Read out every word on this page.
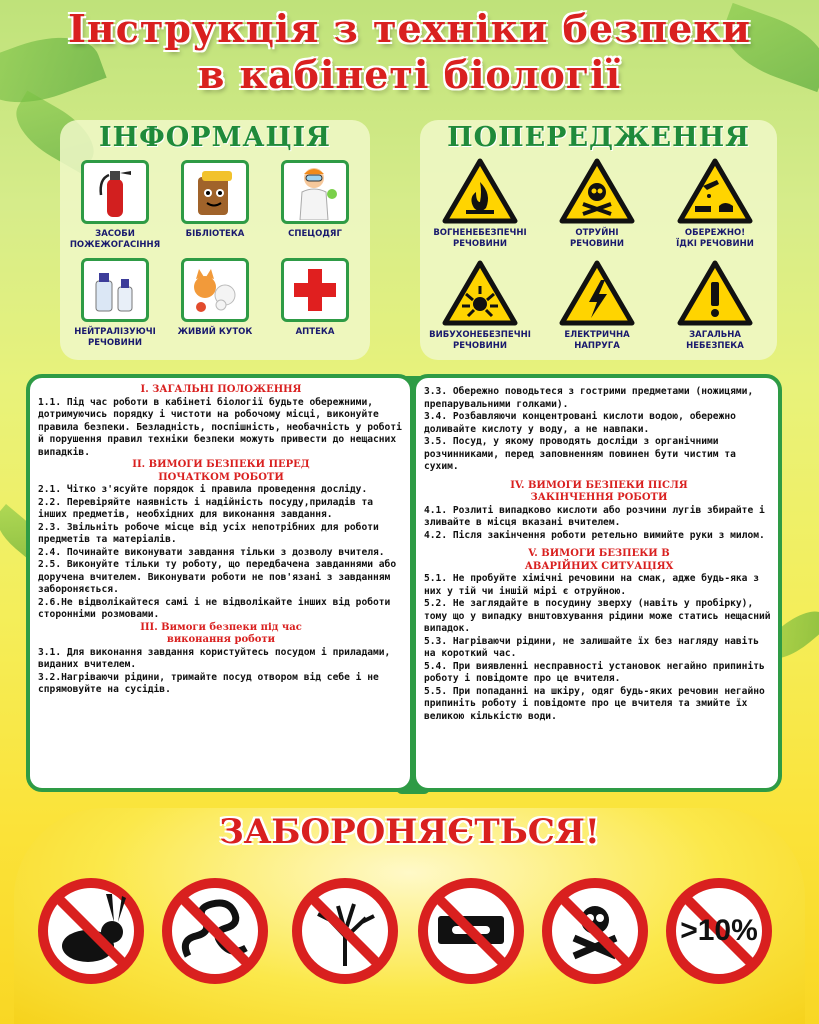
Інструкція з техніки безпеки
в кабінеті біології
ІНФОРМАЦІЯ
ЗАСОБИ
ПОЖЕЖОГАСІННЯ
БІБЛІОТЕКА	СПЕЦОДЯГ
НЕЙТРАЛІЗУЮЧІ
РЕЧОВИНИ
ЖИВИЙ КУТОК	АПТЕКА
ПОПЕРЕДЖЕННЯ
ВОГНЕНЕБЕЗПЕЧНІ
РЕЧОВИНИ
ОТРУЙНІ
РЕЧОВИНИ
ОБЕРЕЖНО!
ЇДКІ РЕЧОВИНИ
ВИБУХОНЕБЕЗПЕЧНІ
РЕЧОВИНИ
ЕЛЕКТРИЧНА
НАПРУГА
ЗАГАЛЬНА
НЕБЕЗПЕКА
І. ЗАГАЛЬНІ ПОЛОЖЕННЯ

1.1. Під час роботи в кабінеті біології будьте обережними, дотримуючись порядку і чистоти на робочому місці, виконуйте правила безпеки. Безладність, поспішність, необачність у роботі й порушення правил техніки безпеки можуть привести до нещасних випадків.

ІІ. ВИМОГИ БЕЗПЕКИ ПЕРЕД
ПОЧАТКОМ РОБОТИ

2.1. Чітко з'ясуйте порядок і правила проведення досліду.

2.2. Перевіряйте наявність і надійність посуду,приладів та інших предметів, необхідних для виконання завдання.

2.3. Звільніть робоче місце від усіх непотрібних для роботи предметів та матеріалів.

2.4. Починайте виконувати завдання тільки з дозволу вчителя.

2.5. Виконуйте тільки ту роботу, що передбачена завданнями або доручена вчителем. Виконувати роботи не пов'язані з завданням забороняється.

2.6.Не відволікайтеся самі і не відволікайте інших від роботи сторонніми розмовами.

ІІІ. Вимоги безпеки під час
виконання роботи

3.1. Для виконання завдання користуйтесь посудом і приладами, виданих вчителем.

3.2.Нагріваючи рідини, тримайте посуд отвором від себе і не спрямовуйте на сусідів.

3.3. Обережно поводьтеся з гострими предметами (ножицями, препарувальними голками).

3.4. Розбавляючи концентровані кислоти водою, обережно доливайте кислоту у воду, а не навпаки.

3.5. Посуд, у якому проводять досліди з органічними розчинниками, перед заповненням повинен бути чистим та сухим.

IV. ВИМОГИ БЕЗПЕКИ ПІСЛЯ
ЗАКІНЧЕННЯ РОБОТИ

4.1. Розлиті випадково кислоти або розчини лугів збирайте і зливайте в місця вказані вчителем.

4.2. Після закінчення роботи ретельно вимийте руки з милом.

V. ВИМОГИ БЕЗПЕКИ В
АВАРІЙНИХ СИТУАЦІЯХ

5.1. Не пробуйте хімічні речовини на смак, адже будь-яка з них у тій чи іншій мірі є отруйною.

5.2. Не заглядайте в посудину зверху (навіть у пробірку), тому що у випадку внштовхування рідини може статись нещасний випадок.

5.3. Нагріваючи рідини, не залишайте їх без нагляду навіть на короткий час.

5.4. При виявленні несправності установок негайно припиніть роботу і повідомте про це вчителя.

5.5. При попаданні на шкіру, одяг будь-яких речовин негайно припиніть роботу і повідомте про це вчителя та змийте їх великою кількістю води.

ЗАБОРОНЯЄТЬСЯ!
>10%
